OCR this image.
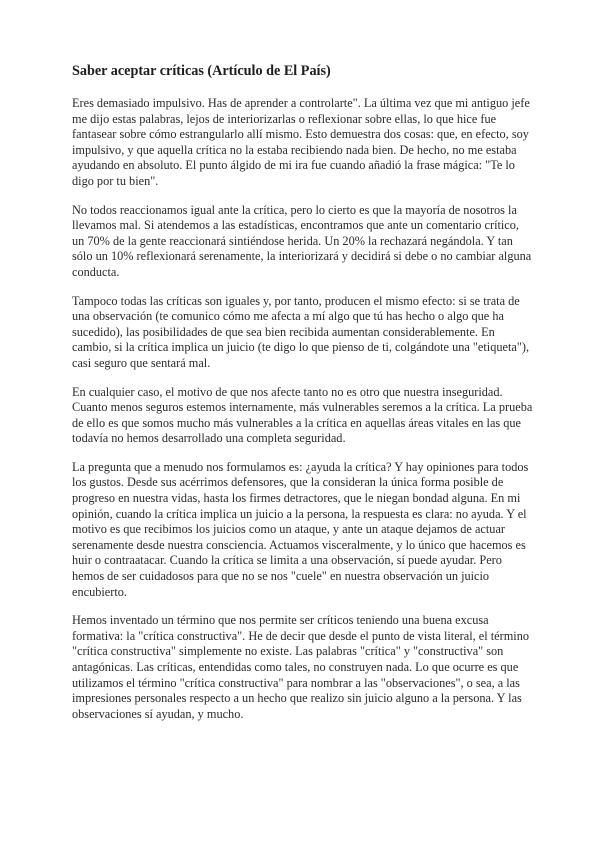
Saber aceptar críticas (Artículo de El País)

Eres demasiado impulsivo. Has de aprender a controlarte". La última vez que mi antiguo jefe me dijo estas palabras, lejos de interiorizarlas o reflexionar sobre ellas, lo que hice fue fantasear sobre cómo estrangularlo allí mismo. Esto demuestra dos cosas: que, en efecto, soy impulsivo, y que aquella crítica no la estaba recibiendo nada bien. De hecho, no me estaba ayudando en absoluto. El punto álgido de mi ira fue cuando añadió la frase mágica: "Te lo digo por tu bien".

No todos reaccionamos igual ante la crítica, pero lo cierto es que la mayoría de nosotros la llevamos mal. Si atendemos a las estadísticas, encontramos que ante un comentario crítico, un 70% de la gente reaccionará sintiéndose herida. Un 20% la rechazará negándola. Y tan sólo un 10% reflexionará serenamente, la interiorizará y decidirá si debe o no cambiar alguna conducta.

Tampoco todas las críticas son iguales y, por tanto, producen el mismo efecto: si se trata de una observación (te comunico cómo me afecta a mí algo que tú has hecho o algo que ha sucedido), las posibilidades de que sea bien recibida aumentan considerablemente. En cambio, si la crítica implica un juicio (te digo lo que pienso de ti, colgándote una "etiqueta"), casi seguro que sentará mal.

En cualquier caso, el motivo de que nos afecte tanto no es otro que nuestra inseguridad. Cuanto menos seguros estemos internamente, más vulnerables seremos a la crítica. La prueba de ello es que somos mucho más vulnerables a la crítica en aquellas áreas vitales en las que todavía no hemos desarrollado una completa seguridad.

La pregunta que a menudo nos formulamos es: ¿ayuda la crítica? Y hay opiniones para todos los gustos. Desde sus acérrimos defensores, que la consideran la única forma posible de progreso en nuestra vidas, hasta los firmes detractores, que le niegan bondad alguna. En mi opinión, cuando la crítica implica un juicio a la persona, la respuesta es clara: no ayuda. Y el motivo es que recibimos los juicios como un ataque, y ante un ataque dejamos de actuar serenamente desde nuestra consciencia. Actuamos visceralmente, y lo único que hacemos es huir o contraatacar. Cuando la crítica se limita a una observación, sí puede ayudar. Pero hemos de ser cuidadosos para que no se nos "cuele" en nuestra observación un juicio encubierto.

Hemos inventado un término que nos permite ser críticos teniendo una buena excusa formativa: la "crítica constructiva". He de decir que desde el punto de vista literal, el término "crítica constructiva" simplemente no existe. Las palabras "crítica" y "constructiva" son antagónicas. Las críticas, entendidas como tales, no construyen nada. Lo que ocurre es que utilizamos el término "crítica constructiva" para nombrar a las "observaciones", o sea, a las impresiones personales respecto a un hecho que realizo sin juicio alguno a la persona. Y las observaciones sí ayudan, y mucho.
